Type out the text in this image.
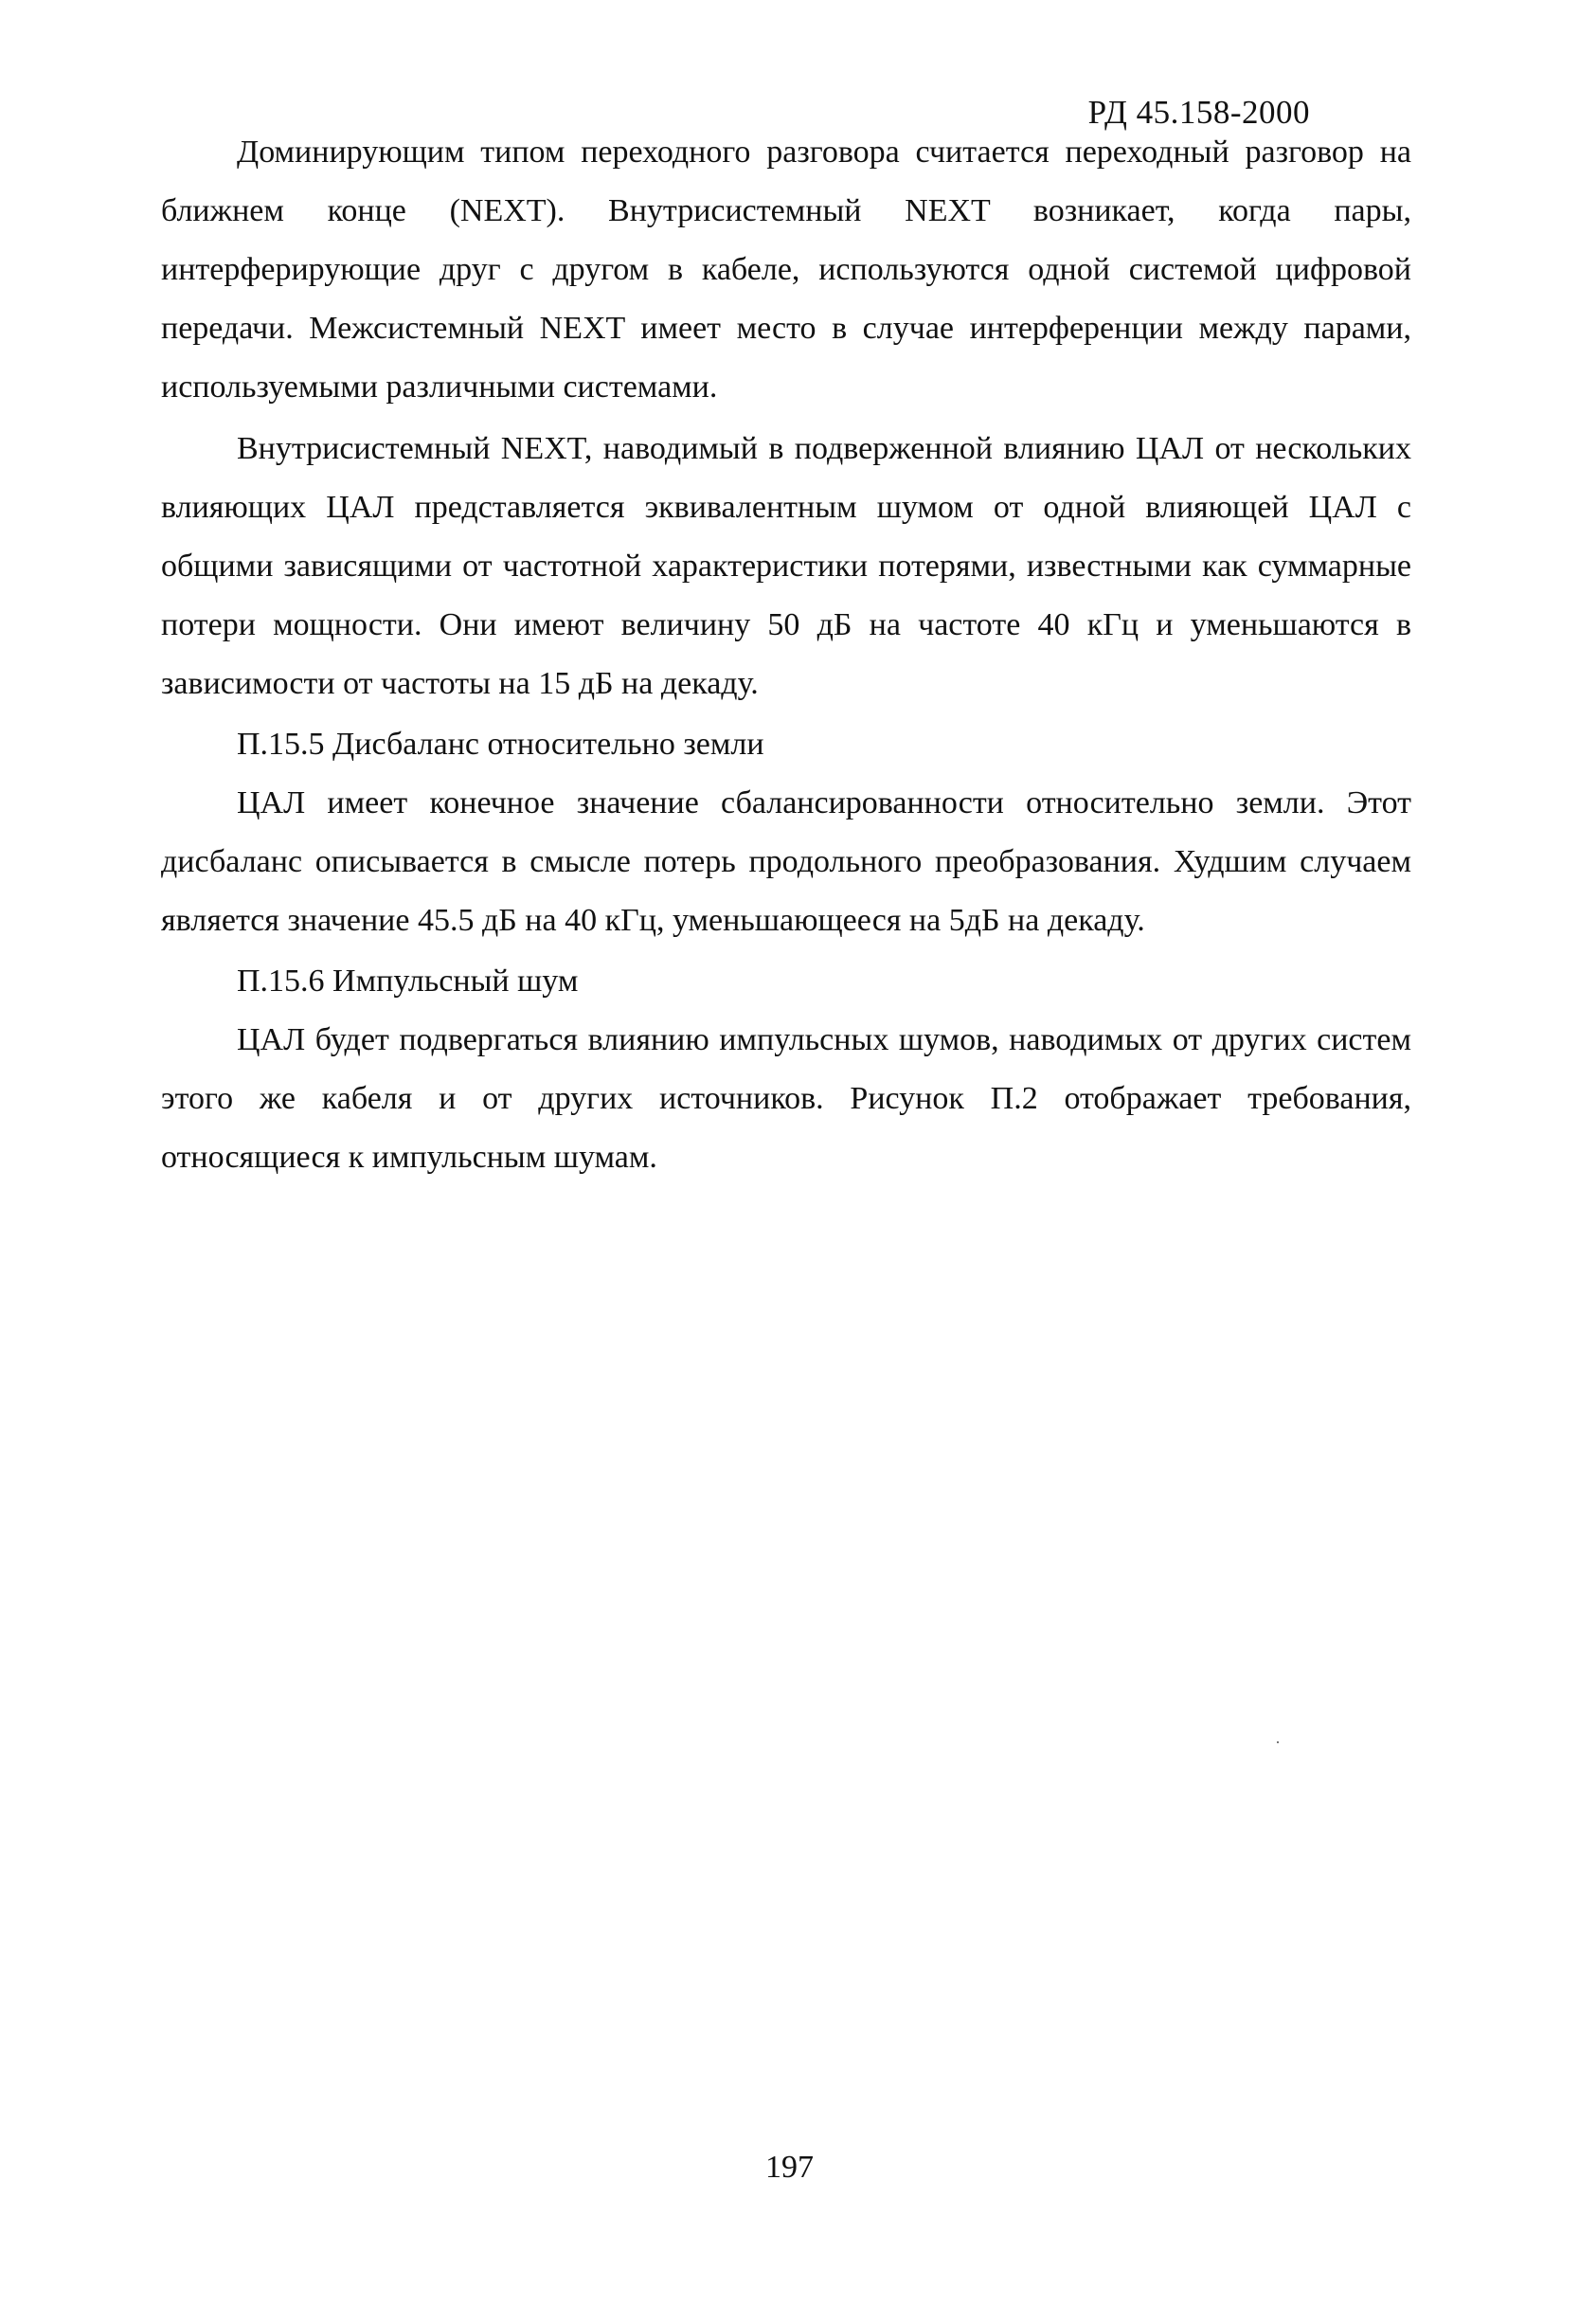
РД 45.158-2000

Доминирующим типом переходного разговора считается переходный разговор на ближнем конце (NEXT). Внутрисистемный NEXT возникает, когда пары, интерферирующие друг с другом в кабеле, используются одной системой цифровой передачи. Межсистемный NEXT имеет место в случае интерференции между парами, используемыми различными системами.

Внутрисистемный NEXT, наводимый в подверженной влиянию ЦАЛ от нескольких влияющих ЦАЛ представляется эквивалентным шумом от одной влияющей ЦАЛ с общими зависящими от частотной характеристики потерями, известными как суммарные потери мощности. Они имеют величину 50 дБ на частоте 40 кГц и уменьшаются в зависимости от частоты на 15 дБ на декаду.

П.15.5 Дисбаланс относительно земли

ЦАЛ имеет конечное значение сбалансированности относительно земли. Этот дисбаланс описывается в смысле потерь продольного преобразования. Худшим случаем является значение 45.5 дБ на 40 кГц, уменьшающееся на 5дБ на декаду.

П.15.6 Импульсный шум

ЦАЛ будет подвергаться влиянию импульсных шумов, наводимых от других систем этого же кабеля и от других источников. Рисунок П.2 отображает требования, относящиеся к импульсным шумам.

197
